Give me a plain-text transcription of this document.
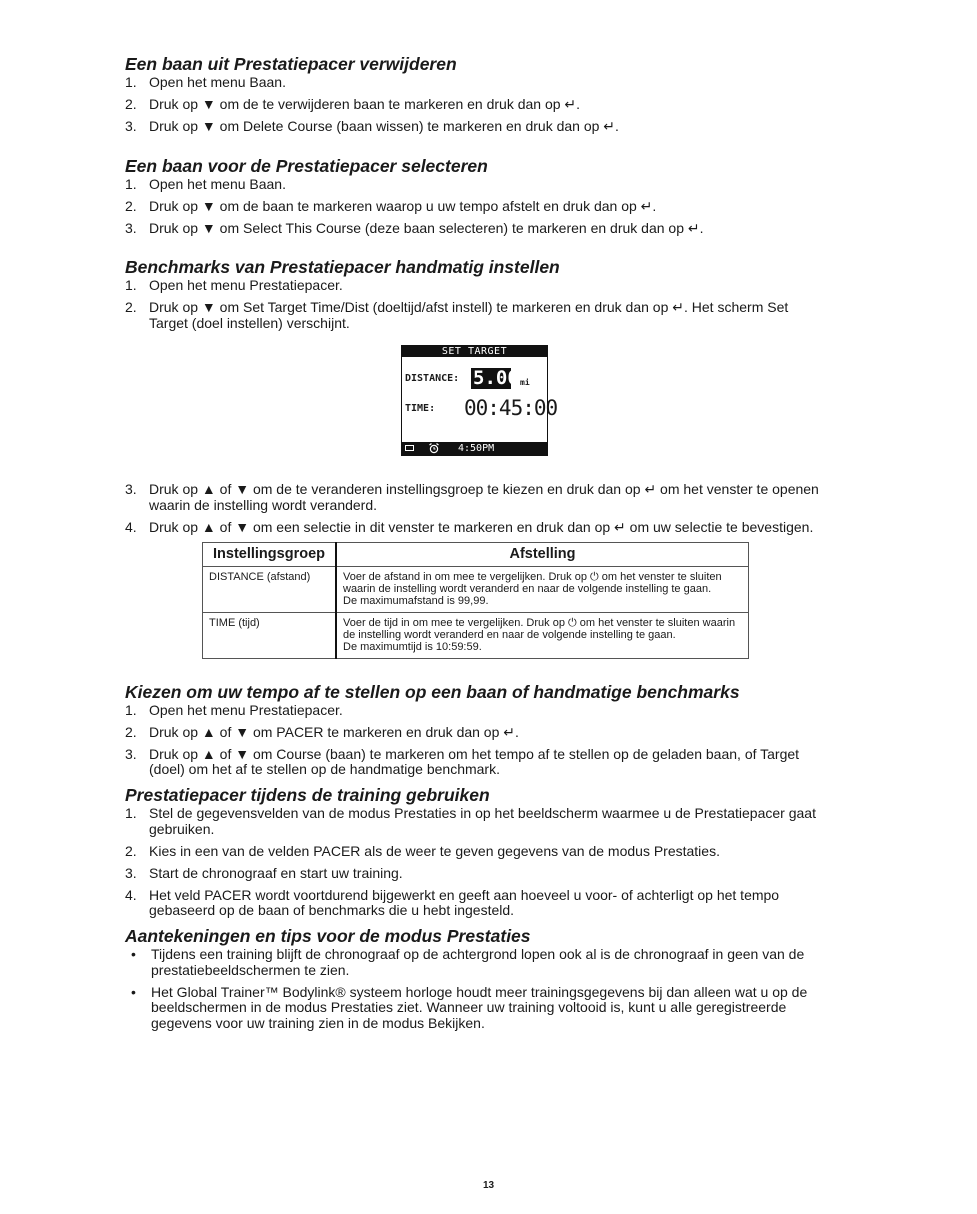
Een baan uit Prestatiepacer verwijderen
1. Open het menu Baan.
2. Druk op ▼ om de te verwijderen baan te markeren en druk dan op ↵.
3. Druk op ▼ om Delete Course (baan wissen) te markeren en druk dan op ↵.
Een baan voor de Prestatiepacer selecteren
1. Open het menu Baan.
2. Druk op ▼ om de baan te markeren waarop u uw tempo afstelt en druk dan op ↵.
3. Druk op ▼ om Select This Course (deze baan selecteren) te markeren en druk dan op ↵.
Benchmarks van Prestatiepacer handmatig instellen
1. Open het menu Prestatiepacer.
2. Druk op ▼ om Set Target Time/Dist (doeltijd/afst instell) te markeren en druk dan op ↵. Het scherm Set Target (doel instellen) verschijnt.
SET TARGET
DISTANCE: 5.00 mi
TIME: 00:45:00
4:50PM
3. Druk op ▲ of ▼ om de te veranderen instellingsgroep te kiezen en druk dan op ↵ om het venster te openen waarin de instelling wordt veranderd.
4. Druk op ▲ of ▼ om een selectie in dit venster te markeren en druk dan op ↵ om uw selectie te bevestigen.
Instellingsgroep	Afstelling
DISTANCE (afstand)	Voer de afstand in om mee te vergelijken. Druk op ⏻ om het venster te sluiten waarin de instelling wordt veranderd en naar de volgende instelling te gaan.
De maximumafstand is 99,99.
TIME (tijd)	Voer de tijd in om mee te vergelijken. Druk op ⏻ om het venster te sluiten waarin de instelling wordt veranderd en naar de volgende instelling te gaan.
De maximumtijd is 10:59:59.
Kiezen om uw tempo af te stellen op een baan of handmatige benchmarks
1. Open het menu Prestatiepacer.
2. Druk op ▲ of ▼ om PACER te markeren en druk dan op ↵.
3. Druk op ▲ of ▼ om Course (baan) te markeren om het tempo af te stellen op de geladen baan, of Target (doel) om het af te stellen op de handmatige benchmark.
Prestatiepacer tijdens de training gebruiken
1. Stel de gegevensvelden van de modus Prestaties in op het beeldscherm waarmee u de Prestatiepacer gaat gebruiken.
2. Kies in een van de velden PACER als de weer te geven gegevens van de modus Prestaties.
3. Start de chronograaf en start uw training.
4. Het veld PACER wordt voortdurend bijgewerkt en geeft aan hoeveel u voor- of achterligt op het tempo gebaseerd op de baan of benchmarks die u hebt ingesteld.
Aantekeningen en tips voor de modus Prestaties
• Tijdens een training blijft de chronograaf op de achtergrond lopen ook al is de chronograaf in geen van de prestatiebeeldschermen te zien.
• Het Global Trainer™ Bodylink® systeem horloge houdt meer trainingsgegevens bij dan alleen wat u op de beeldschermen in de modus Prestaties ziet. Wanneer uw training voltooid is, kunt u alle geregistreerde gegevens voor uw training zien in de modus Bekijken.
13
